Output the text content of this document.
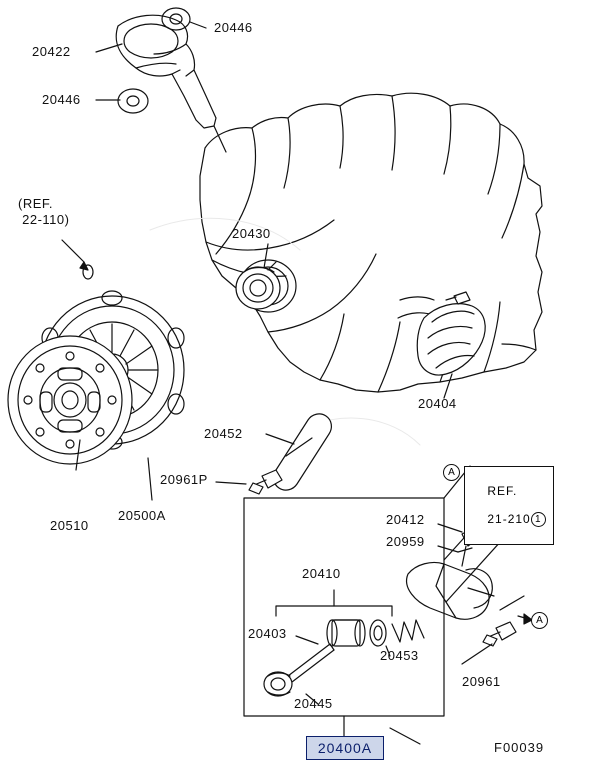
20446
20422
20446
(REF.
22-110)
20430
20404
20452
20961P
20510
20500A	20412
20959
20410
20403
20453
20961
20445

REF.

21-210 1

A
A
20400A	F00039
